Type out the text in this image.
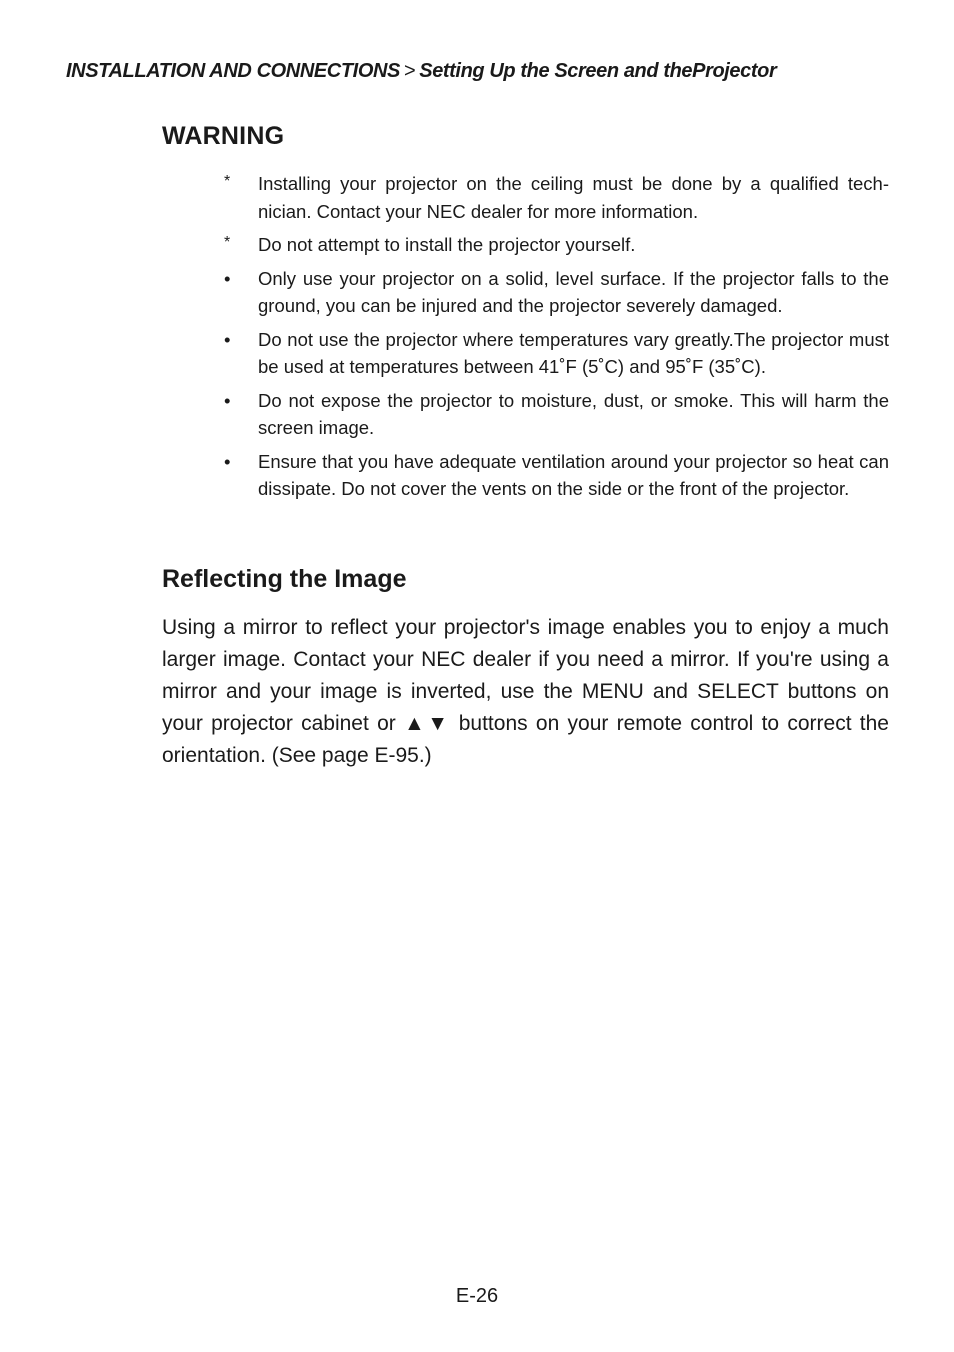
INSTALLATION AND CONNECTIONS > Setting Up the Screen and theProjector
WARNING
*	Installing your projector on the ceiling must be done by a qualified tech-nician. Contact your NEC dealer for more information.
*	Do not attempt to install the projector yourself.
•	Only use your projector on a solid, level surface. If the projector falls to the ground, you can be injured and the projector severely damaged.
•	Do not use the projector where temperatures vary greatly.The projector must be used at temperatures between 41˚F (5˚C) and 95˚F (35˚C).
•	Do not expose the projector to moisture, dust, or smoke. This will harm the screen image.
•	Ensure that you have adequate ventilation around your projector so heat can dissipate. Do not cover the vents on the side or the front of the projector.
Reflecting the Image

Using a mirror to reflect your projector's image enables you to enjoy a much larger image. Contact your NEC dealer if you need a mirror. If you're using a mirror and your image is inverted, use the MENU and SELECT buttons on your projector cabinet or ▲▼ buttons on your remote control to correct the orientation. (See page E-95.)

E-26
